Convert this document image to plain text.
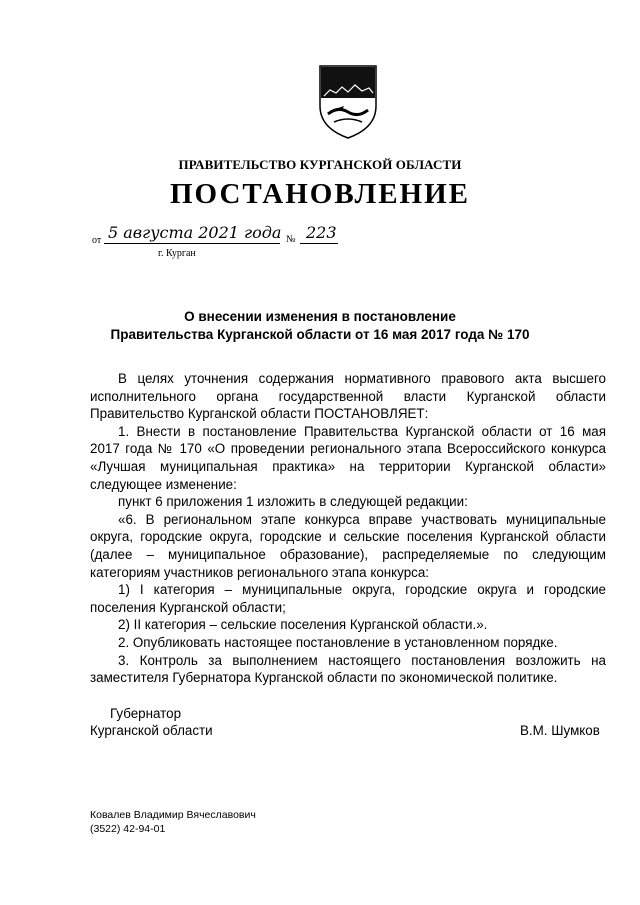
ПРАВИТЕЛЬСТВО КУРГАНСКОЙ ОБЛАСТИ
ПОСТАНОВЛЕНИЕ
от 5 августа 2021 года № 223
г. Курган
О внесении изменения в постановление
Правительства Курганской области от 16 мая 2017 года № 170

В целях уточнения содержания нормативного правового акта высшего исполнительного органа государственной власти Курганской области Правительство Курганской области ПОСТАНОВЛЯЕТ:

1. Внести в постановление Правительства Курганской области от 16 мая 2017 года № 170 «О проведении регионального этапа Всероссийского конкурса «Лучшая муниципальная практика» на территории Курганской области» следующее изменение:

пункт 6 приложения 1 изложить в следующей редакции:

«6. В региональном этапе конкурса вправе участвовать муниципальные округа, городские округа, городские и сельские поселения Курганской области (далее – муниципальное образование), распределяемые по следующим категориям участников регионального этапа конкурса:

1) I категория – муниципальные округа, городские округа и городские поселения Курганской области;

2) II категория – сельские поселения Курганской области.».

2. Опубликовать настоящее постановление в установленном порядке.

3. Контроль за выполнением настоящего постановления возложить на заместителя Губернатора Курганской области по экономической политике.

Губернатор
Курганской области	В.М. Шумков
Ковалев Владимир Вячеславович
(3522) 42-94-01
